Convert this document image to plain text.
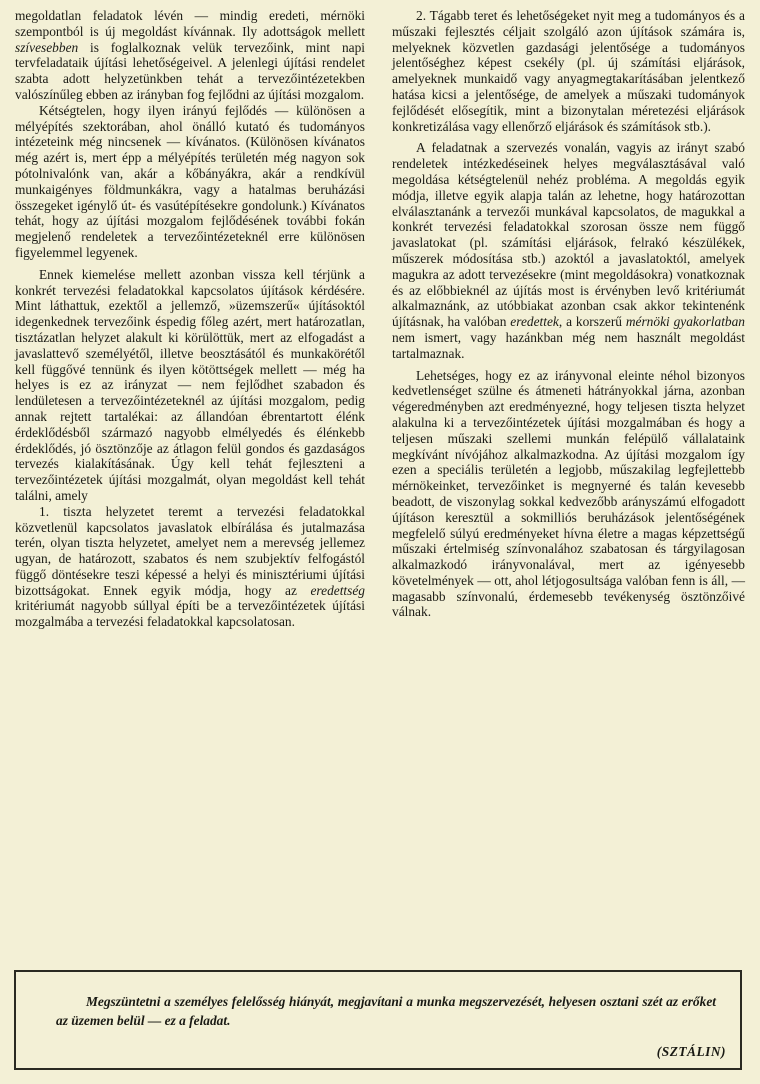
megoldatlan feladatok lévén — mindig eredeti, mérnöki szempontból is új megoldást kívánnak. Ily adottságok mellett szívesebben is foglalkoznak velük tervezőink, mint napi tervfeladataik újítási lehetőségeivel. A jelenlegi újítási rendelet szabta adott helyzetünkben tehát a tervezőintézetekben valószínűleg ebben az irányban fog fejlődni az újítási mozgalom.

Kétségtelen, hogy ilyen irányú fejlődés — különösen a mélyépítés szektorában, ahol önálló kutató és tudományos intézeteink még nincsenek — kívánatos. (Különösen kívánatos még azért is, mert épp a mélyépítés területén még nagyon sok pótolnivalónk van, akár a kőbányákra, akár a rendkívül munkaigényes földmunkákra, vagy a hatalmas beruházási összegeket igénylő út- és vasútépítésekre gondolunk.) Kívánatos tehát, hogy az újítási mozgalom fejlődésének további fokán megjelenő rendeletek a tervezőintézeteknél erre különösen figyelemmel legyenek.

Ennek kiemelése mellett azonban vissza kell térjünk a konkrét tervezési feladatokkal kapcsolatos újítások kérdésére. Mint láthattuk, ezektől a jellemző, »üzemszerű« újításoktól idegenkednek tervezőink éspedig főleg azért, mert határozatlan, tisztázatlan helyzet alakult ki körülöttük, mert az elfogadást a javaslattevő személyétől, illetve beosztásától és munkakörétől kell függővé tennünk és ilyen kötöttségek mellett — még ha helyes is ez az irányzat — nem fejlődhet szabadon és lendületesen a tervezőintézeteknél az újítási mozgalom, pedig annak rejtett tartalékai: az állandóan ébrentartott élénk érdeklődésből származó nagyobb elmélyedés és élénkebb érdeklődés, jó ösztönzője az átlagon felül gondos és gazdaságos tervezés kialakításának. Úgy kell tehát fejleszteni a tervezőintézetek újítási mozgalmát, olyan megoldást kell tehát találni, amely

1. tiszta helyzetet teremt a tervezési feladatokkal közvetlenül kapcsolatos javaslatok elbírálása és jutalmazása terén, olyan tiszta helyzetet, amelyet nem a merevség jellemez ugyan, de határozott, szabatos és nem szubjektív felfogástól függő döntésekre teszi képessé a helyi és minisztériumi újítási bizottságokat. Ennek egyik módja, hogy az eredettség kritériumát nagyobb súllyal építi be a tervezőintézetek újítási mozgalmába a tervezési feladatokkal kapcsolatosan.

2. Tágabb teret és lehetőségeket nyit meg a tudományos és a műszaki fejlesztés céljait szolgáló azon újítások számára is, melyeknek közvetlen gazdasági jelentősége a tudományos jelentőséghez képest csekély (pl. új számítási eljárások, amelyeknek munkaidő vagy anyagmegtakarításában jelentkező hatása kicsi a jelentősége, de amelyek a műszaki tudományok fejlődését elősegítik, mint a bizonytalan méretezési eljárások konkretizálása vagy ellenőrző eljárások és számítások stb.).

A feladatnak a szervezés vonalán, vagyis az irányt szabó rendeletek intézkedéseinek helyes megválasztásával való megoldása kétségtelenül nehéz probléma. A megoldás egyik módja, illetve egyik alapja talán az lehetne, hogy határozottan elválasztanánk a tervezői munkával kapcsolatos, de magukkal a konkrét tervezési feladatokkal szorosan össze nem függő javaslatokat (pl. számítási eljárások, felrakó készülékek, műszerek módosítása stb.) azoktól a javaslatoktól, amelyek magukra az adott tervezésekre (mint megoldásokra) vonatkoznak és az előbbieknél az újítás most is érvényben levő kritériumát alkalmaznánk, az utóbbiakat azonban csak akkor tekintenénk újításnak, ha valóban eredettek, a korszerű mérnöki gyakorlatban nem ismert, vagy hazánkban még nem használt megoldást tartalmaznak.

Lehetséges, hogy ez az irányvonal eleinte néhol bizonyos kedvetlenséget szülne és átmeneti hátrányokkal járna, azonban végeredményben azt eredményezné, hogy teljesen tiszta helyzet alakulna ki a tervezőintézetek újítási mozgalmában és hogy a teljesen műszaki szellemi munkán felépülő vállalataink megkívánt nívójához alkalmazkodna. Az újítási mozgalom így ezen a speciális területén a legjobb, műszakilag legfejlettebb mérnökeinket, tervezőinket is megnyerné és talán kevesebb beadott, de viszonylag sokkal kedvezőbb arányszámú elfogadott újításon keresztül a sokmilliós beruházások jelentőségének megfelelő súlyú eredményeket hívna életre a magas képzettségű műszaki értelmiség színvonalához szabatosan és tárgyilagosan alkalmazkodó irányvonalával, mert az igényesebb követelmények — ott, ahol létjogosultsága valóban fenn is áll, — magasabb színvonalú, érdemesebb tevékenység ösztönzőivé válnak.

Megszüntetni a személyes felelősség hiányát, megjavítani a munka megszervezését, helyesen osztani szét az erőket az üzemen belül — ez a feladat.
(SZTÁLIN)
